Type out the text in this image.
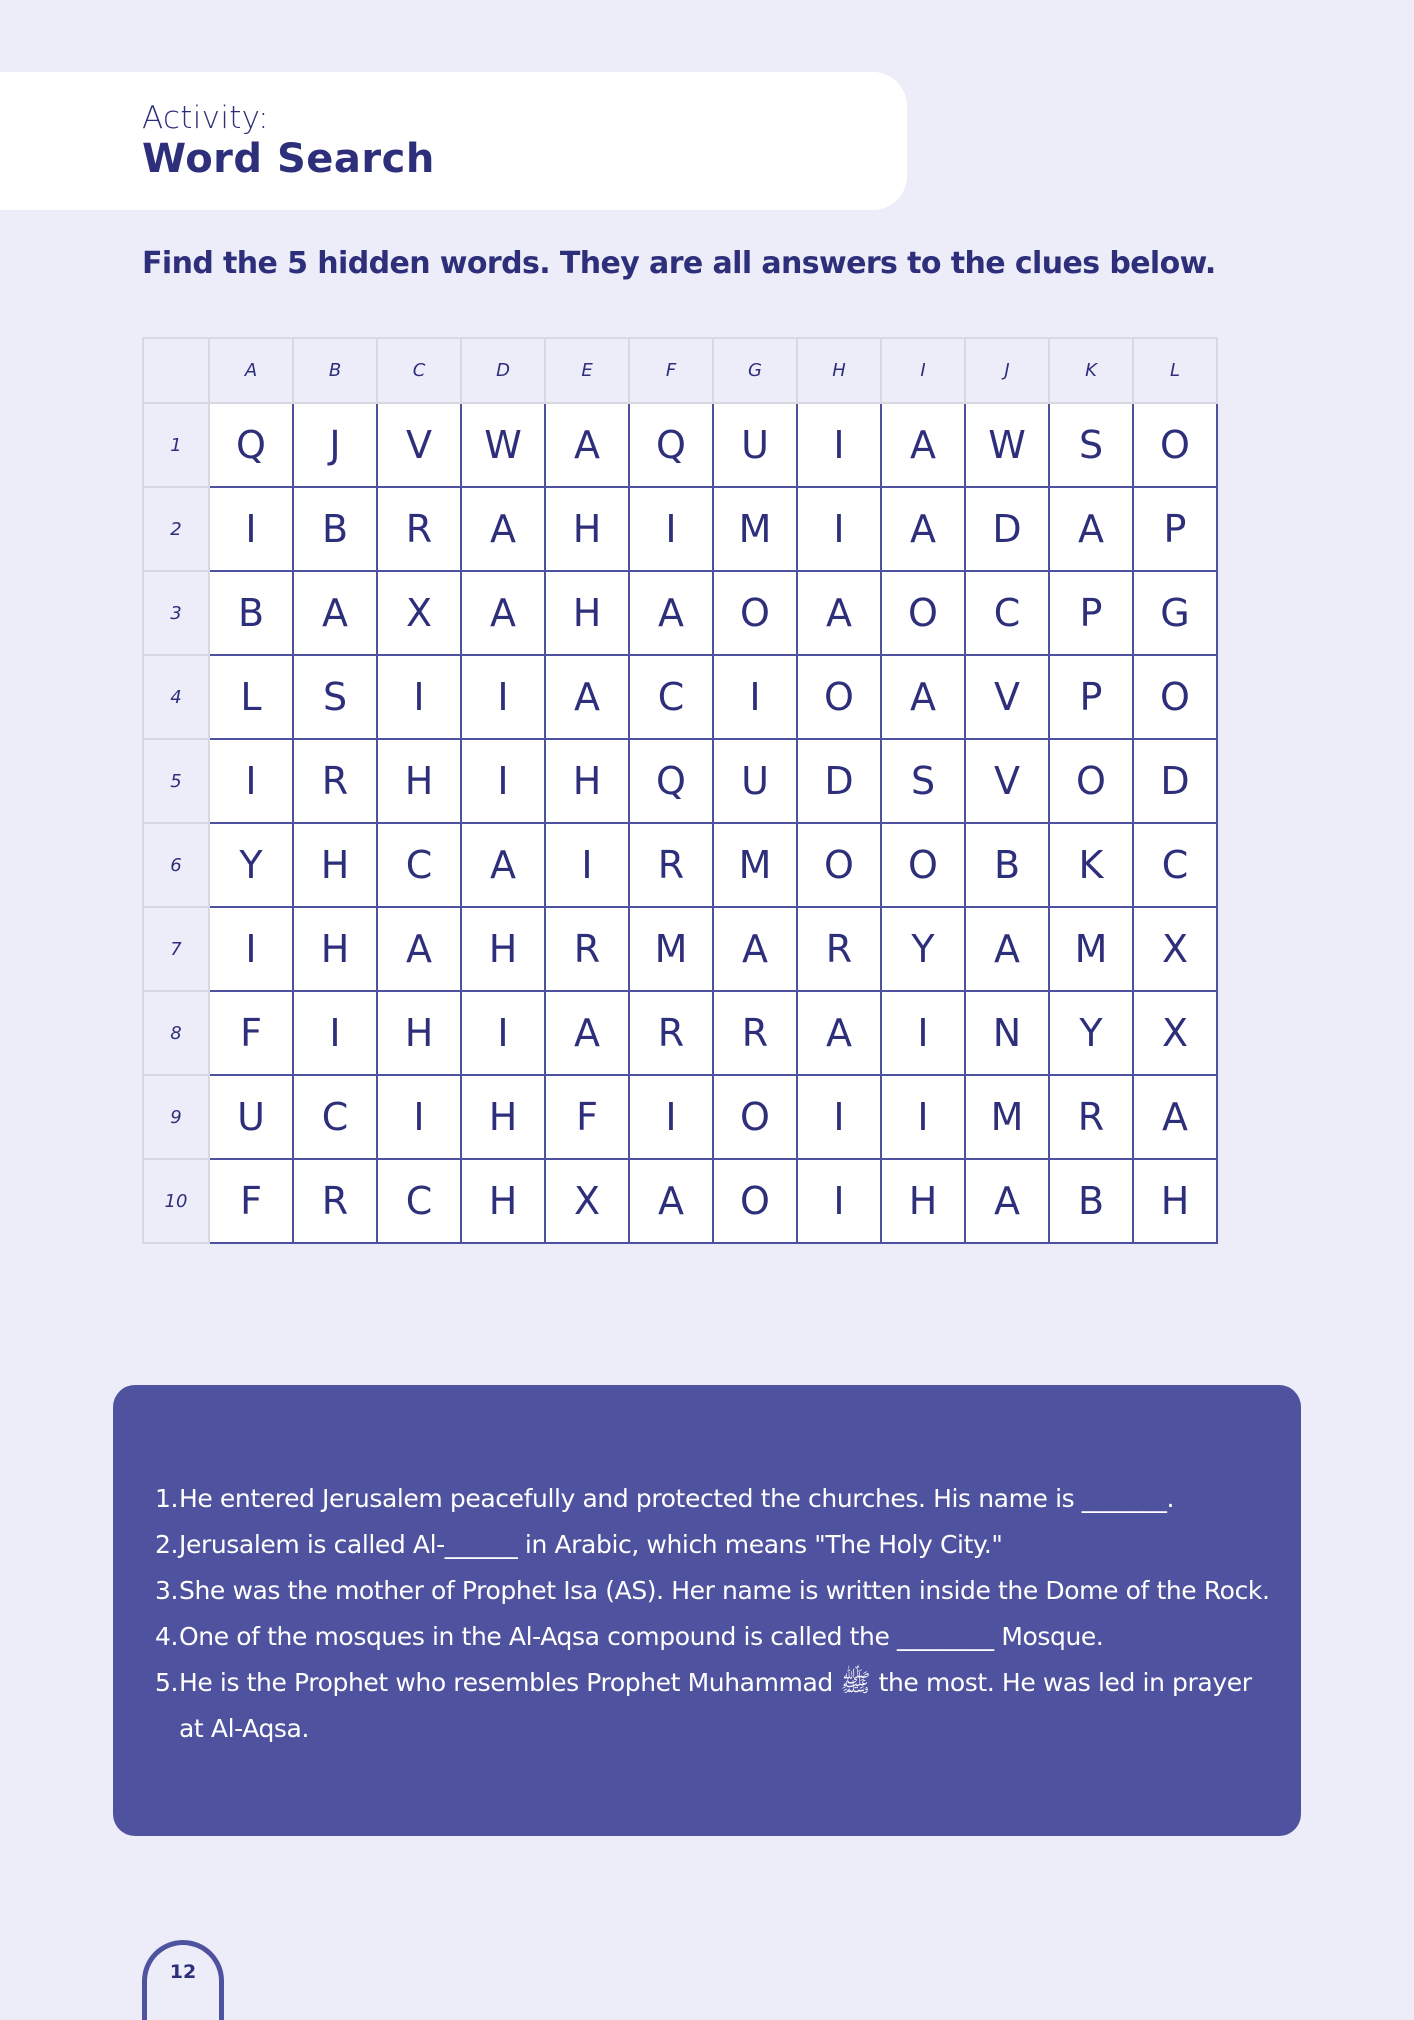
Activity:
Word Search
Find the 5 hidden words. They are all answers to the clues below.
	A	B	C	D	E	F	G	H	I	J	K	L
1	Q	J	V	W	A	Q	U	I	A	W	S	O
2	I	B	R	A	H	I	M	I	A	D	A	P
3	B	A	X	A	H	A	O	A	O	C	P	G
4	L	S	I	I	A	C	I	O	A	V	P	O
5	I	R	H	I	H	Q	U	D	S	V	O	D
6	Y	H	C	A	I	R	M	O	O	B	K	C
7	I	H	A	H	R	M	A	R	Y	A	M	X
8	F	I	H	I	A	R	R	A	I	N	Y	X
9	U	C	I	H	F	I	O	I	I	M	R	A
10	F	R	C	H	X	A	O	I	H	A	B	H
1. He entered Jerusalem peacefully and protected the churches. His name is _______.
2. Jerusalem is called Al-______ in Arabic, which means "The Holy City."
3. She was the mother of Prophet Isa (AS). Her name is written inside the Dome of the Rock.
4. One of the mosques in the Al-Aqsa compound is called the ________ Mosque.
5. He is the Prophet who resembles Prophet Muhammad ﷺ the most. He was led in prayer at Al-Aqsa.
12
